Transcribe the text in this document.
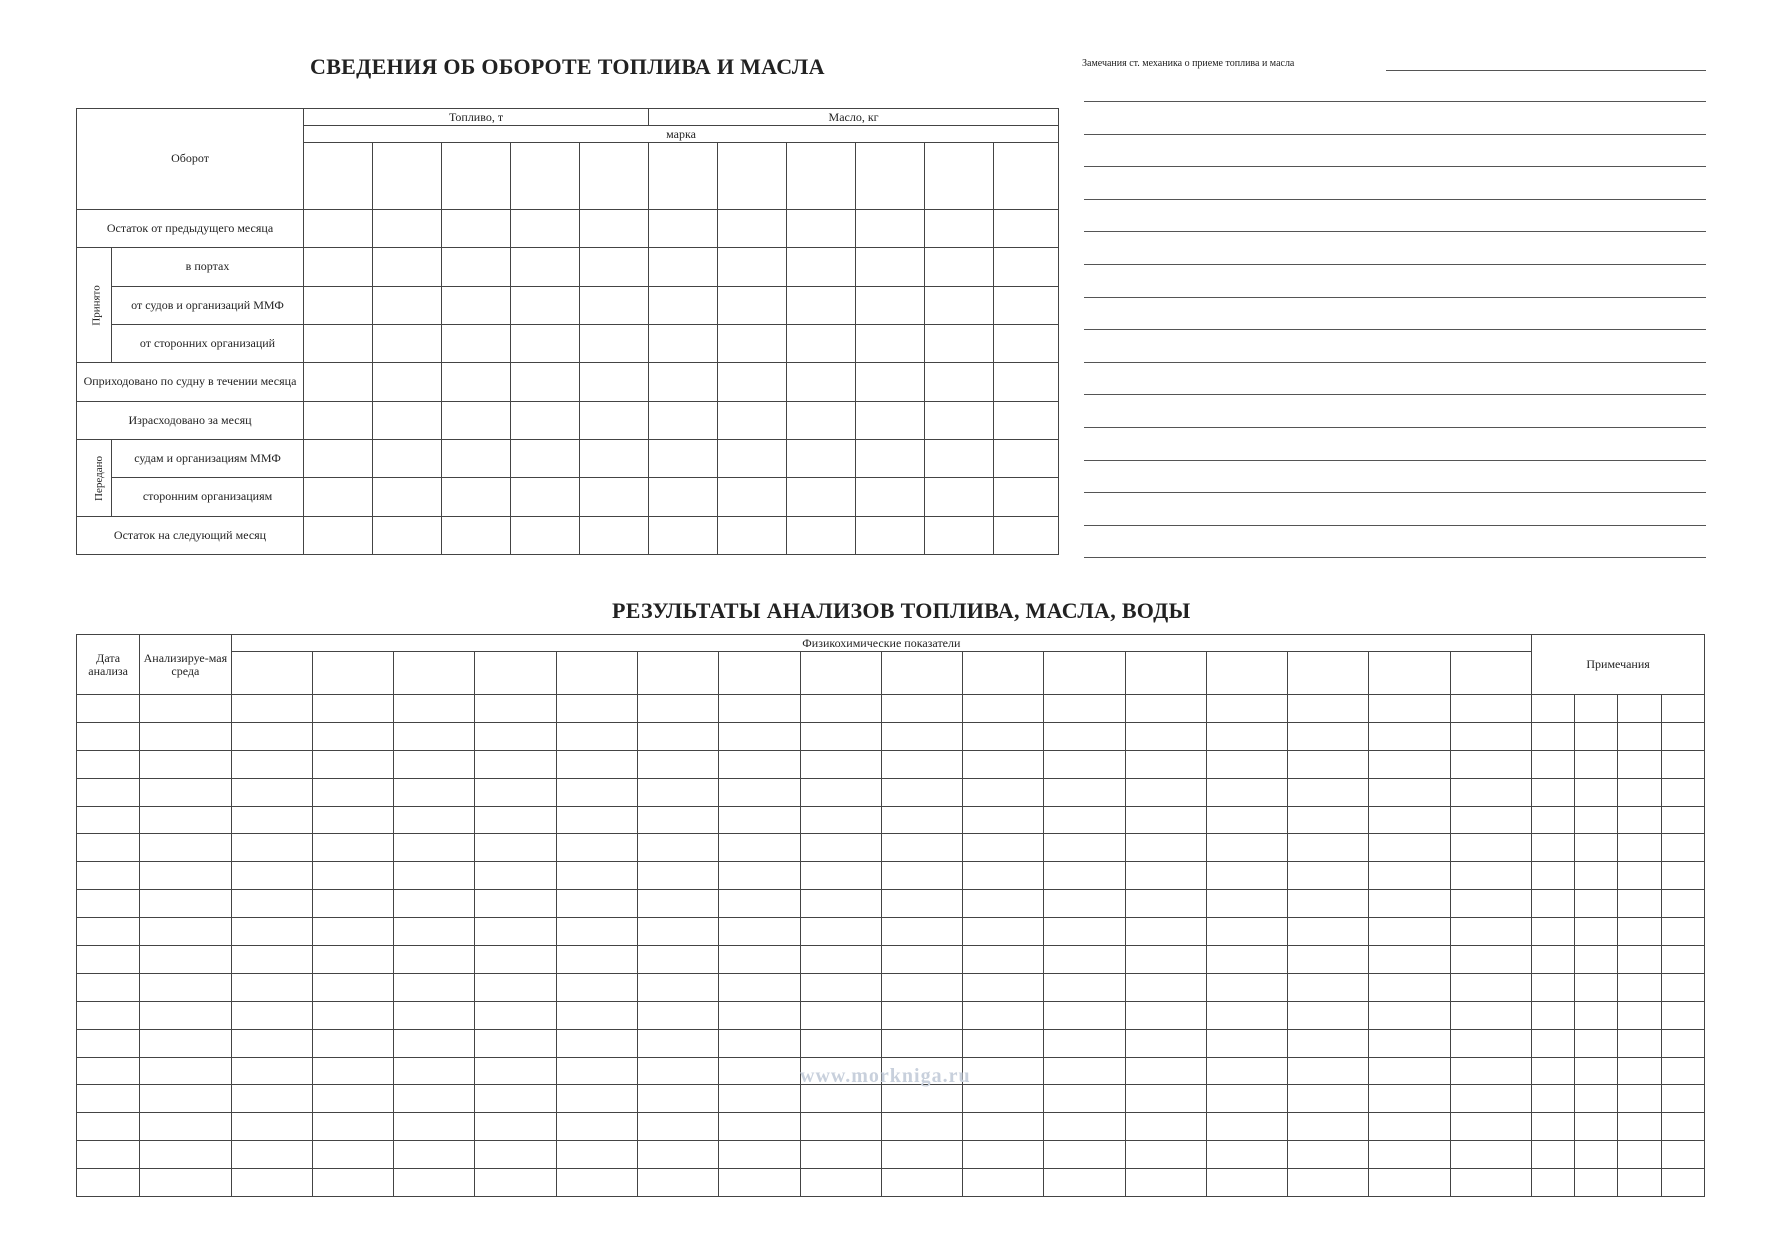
СВЕДЕНИЯ ОБ ОБОРОТЕ ТОПЛИВА И МАСЛА
Оборот		Топливо, т					Масло, кг					
		марка										

Остаток от предыдущего месяца												
Принято	в портах											
	от судов и организаций ММФ											
	от сторонних организаций											
Оприходовано по судну в течении месяца												
Израсходовано за месяц												
Передано	судам и организациям ММФ											
	сторонним организациям											
Остаток на следующий месяц												
Замечания ст. механика о приеме топлива и масла
РЕЗУЛЬТАТЫ АНАЛИЗОВ ТОПЛИВА, МАСЛА, ВОДЫ
Дата анализа	Анализируе-мая среда	Физикохимические показатели																Примечания			

www.morkniga.ru
